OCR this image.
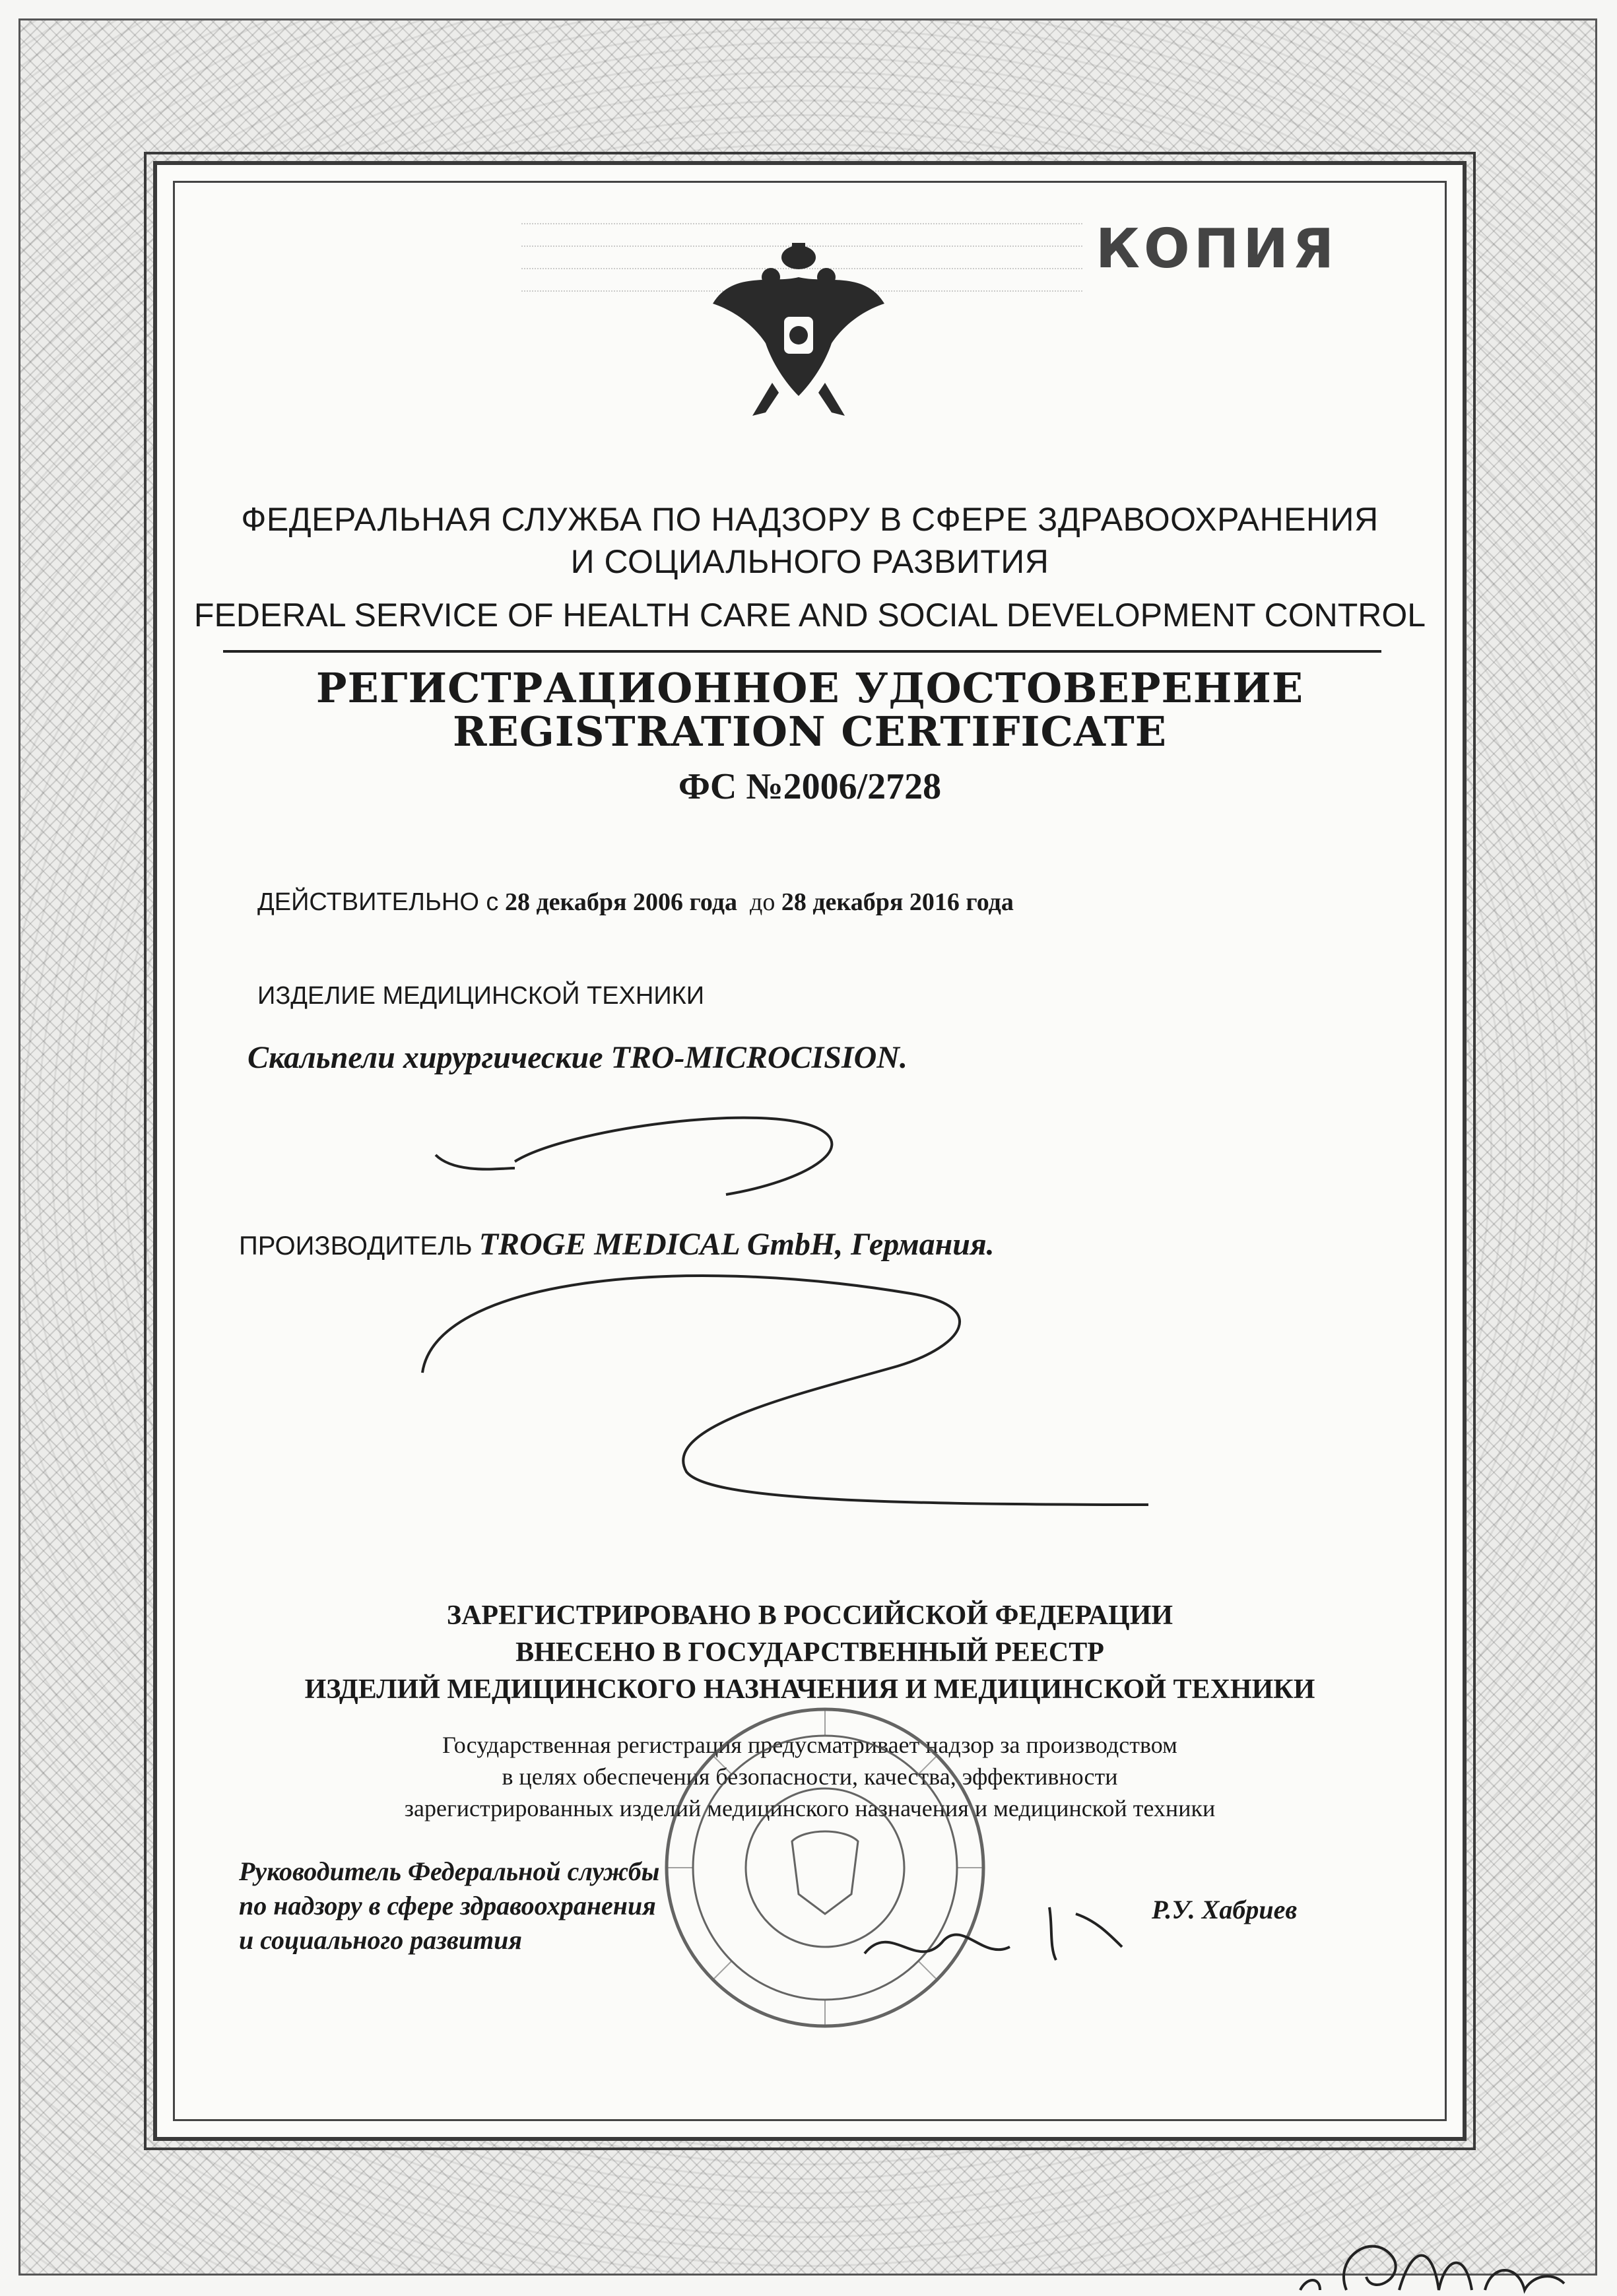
КОПИЯ
ФЕДЕРАЛЬНАЯ СЛУЖБА ПО НАДЗОРУ В СФЕРЕ ЗДРАВООХРАНЕНИЯ
И СОЦИАЛЬНОГО РАЗВИТИЯ
FEDERAL SERVICE OF HEALTH CARE AND SOCIAL DEVELOPMENT CONTROL
РЕГИСТРАЦИОННОЕ УДОСТОВЕРЕНИЕ
REGISTRATION CERTIFICATE
ФС №2006/2728
ДЕЙСТВИТЕЛЬНО с 28 декабря 2006 года до 28 декабря 2016 года
ИЗДЕЛИЕ МЕДИЦИНСКОЙ ТЕХНИКИ
Скальпели хирургические TRO-MICROCISION.
ПРОИЗВОДИТЕЛЬ TROGE MEDICAL GmbH, Германия.
ЗАРЕГИСТРИРОВАНО В РОССИЙСКОЙ ФЕДЕРАЦИИ
ВНЕСЕНО В ГОСУДАРСТВЕННЫЙ РЕЕСТР
ИЗДЕЛИЙ МЕДИЦИНСКОГО НАЗНАЧЕНИЯ И МЕДИЦИНСКОЙ ТЕХНИКИ
Государственная регистрация предусматривает надзор за производством
в целях обеспечения безопасности, качества, эффективности
зарегистрированных изделий медицинского назначения и медицинской техники
Руководитель Федеральной службы
по надзору в сфере здравоохранения
и социального развития
Р.У. Хабриев
